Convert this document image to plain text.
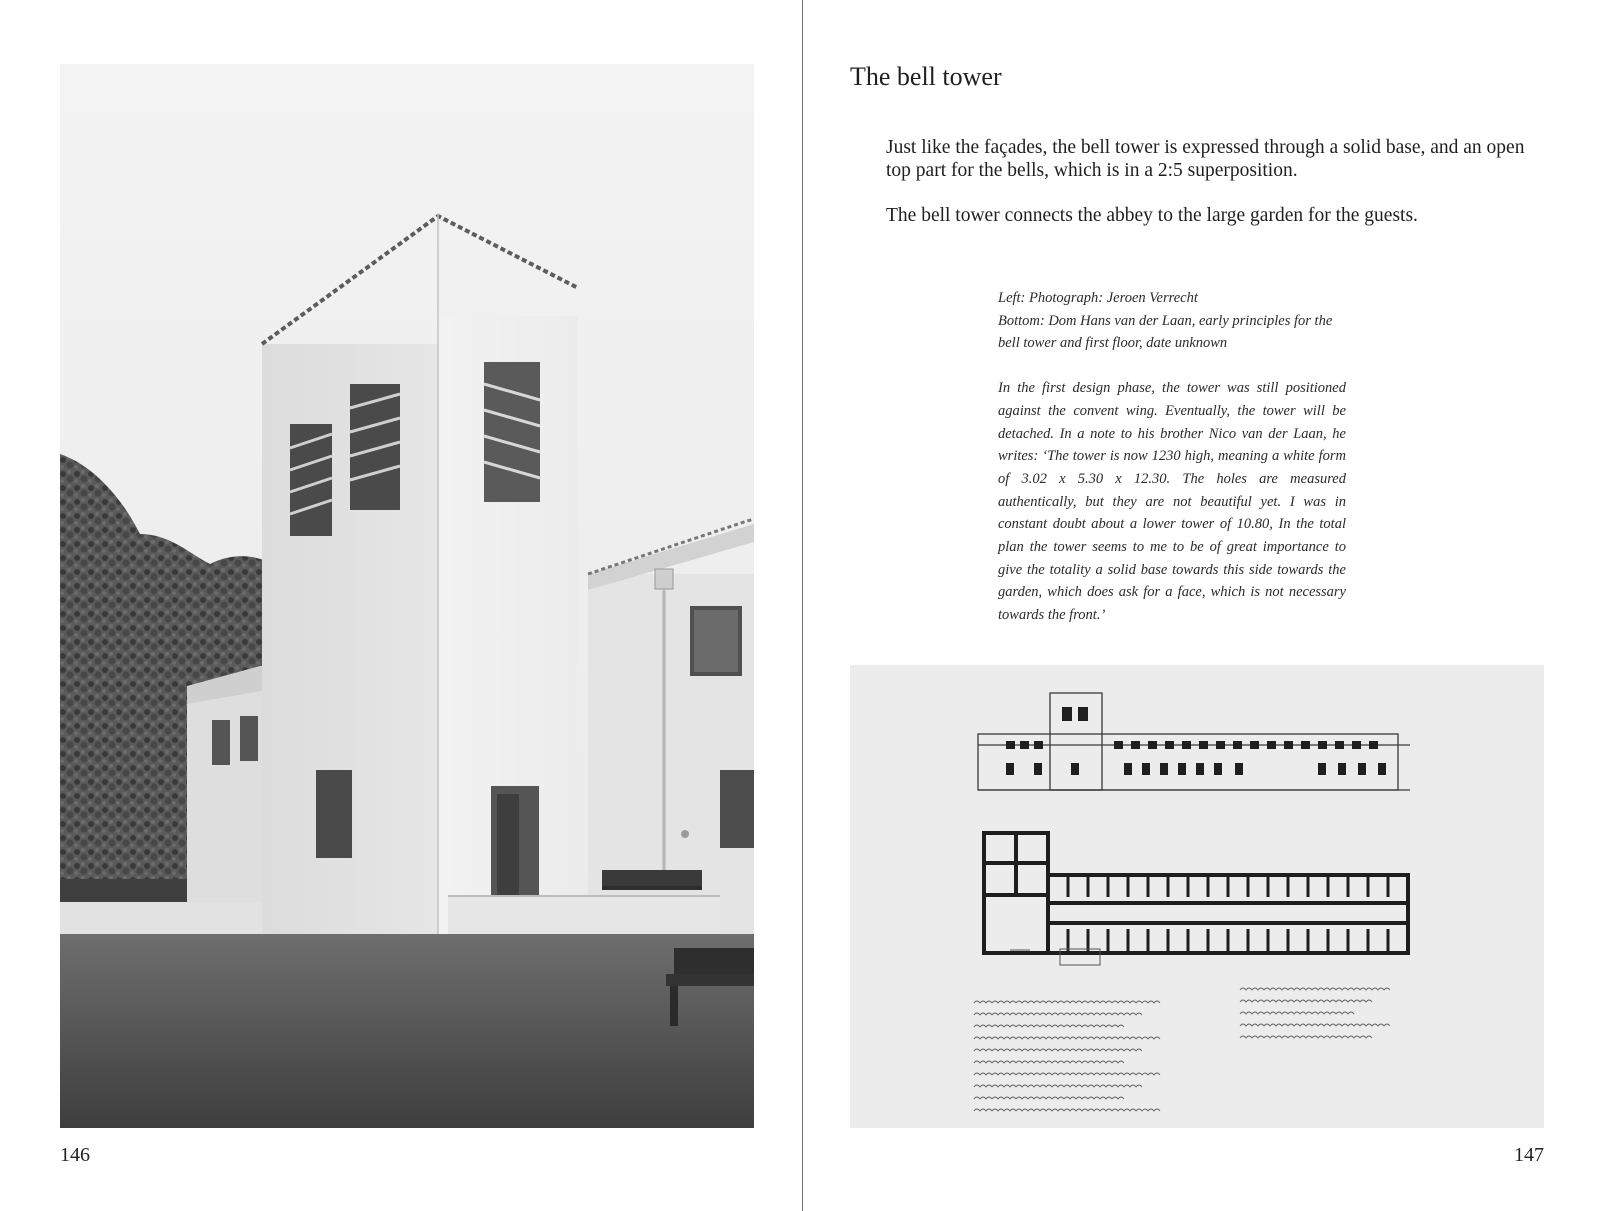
146
The bell tower

Just like the façades, the bell tower is expressed through a solid base, and an open top part for the bells, which is in a 2:5 superposition.

The bell tower connects the abbey to the large garden for the guests.

Left: Photograph: Jeroen Verrecht

Bottom: Dom Hans van der Laan, early principles for the bell tower and first floor, date unknown

In the first design phase, the tower was still positioned against the convent wing. Eventually, the tower will be detached. In a note to his brother Nico van der Laan, he writes: ‘The tower is now 1230 high, meaning a white form of 3.02 x 5.30 x 12.30. The holes are measured authentically, but they are not beautiful yet. I was in constant doubt about a lower tower of 10.80, In the total plan the tower seems to me to be of great importance to give the totality a solid base towards this side towards the garden, which does ask for a face, which is not necessary towards the front.’

147
